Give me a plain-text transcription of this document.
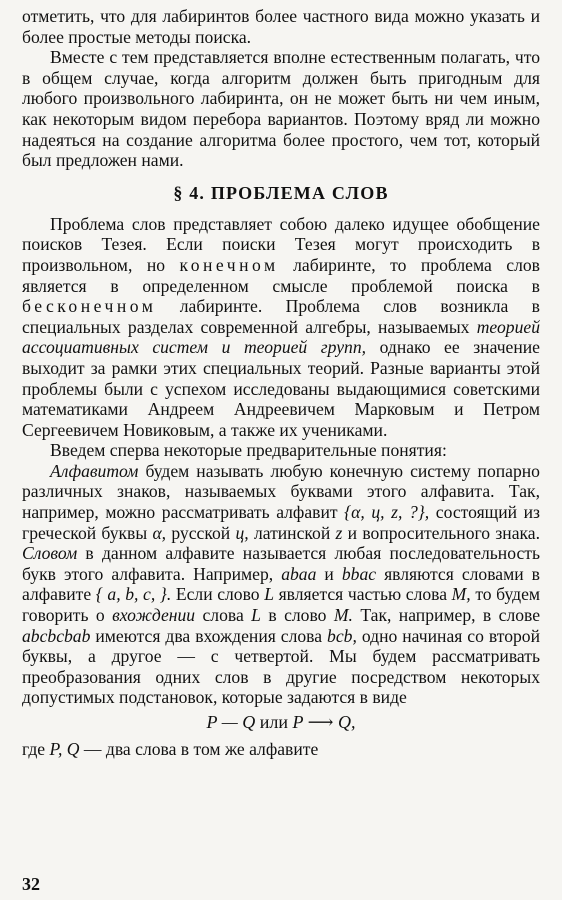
отметить, что для лабиринтов более частного вида можно указать и более простые методы поиска.

Вместе с тем представляется вполне естественным полагать, что в общем случае, когда алгоритм должен быть пригодным для любого произвольного лабиринта, он не может быть ни чем иным, как некоторым видом перебора вариантов. Поэтому вряд ли можно надеяться на создание алгоритма более простого, чем тот, который был предложен нами.

§ 4. ПРОБЛЕМА СЛОВ

Проблема слов представляет собою далеко идущее обобщение поисков Тезея. Если поиски Тезея могут происходить в произвольном, но конечном лабиринте, то проблема слов является в определенном смысле проблемой поиска в бесконечном лабиринте. Проблема слов возникла в специальных разделах современной алгебры, называемых теорией ассоциативных систем и теорией групп, однако ее значение выходит за рамки этих специальных теорий. Разные варианты этой проблемы были с успехом исследованы выдающимися советскими математиками Андреем Андреевичем Марковым и Петром Сергеевичем Новиковым, а также их учениками.

Введем сперва некоторые предварительные понятия:

Алфавитом будем называть любую конечную систему попарно различных знаков, называемых буквами этого алфавита. Так, например, можно рассматривать алфавит {α, ц, z, ?}, состоящий из греческой буквы α, русской ц, латинской z и вопросительного знака. Словом в данном алфавите называется любая последовательность букв этого алфавита. Например, abaa и bbac являются словами в алфавите { a, b, c, }. Если слово L является частью слова M, то будем говорить о вхождении слова L в слово M. Так, например, в слове abcbcbab имеются два вхождения слова bcb, одно начиная со второй буквы, а другое — с четвертой. Мы будем рассматривать преобразования одних слов в другие посредством некоторых допустимых подстановок, которые задаются в виде

P — Q или P ⟶ Q,

где P, Q — два слова в том же алфавите

32
